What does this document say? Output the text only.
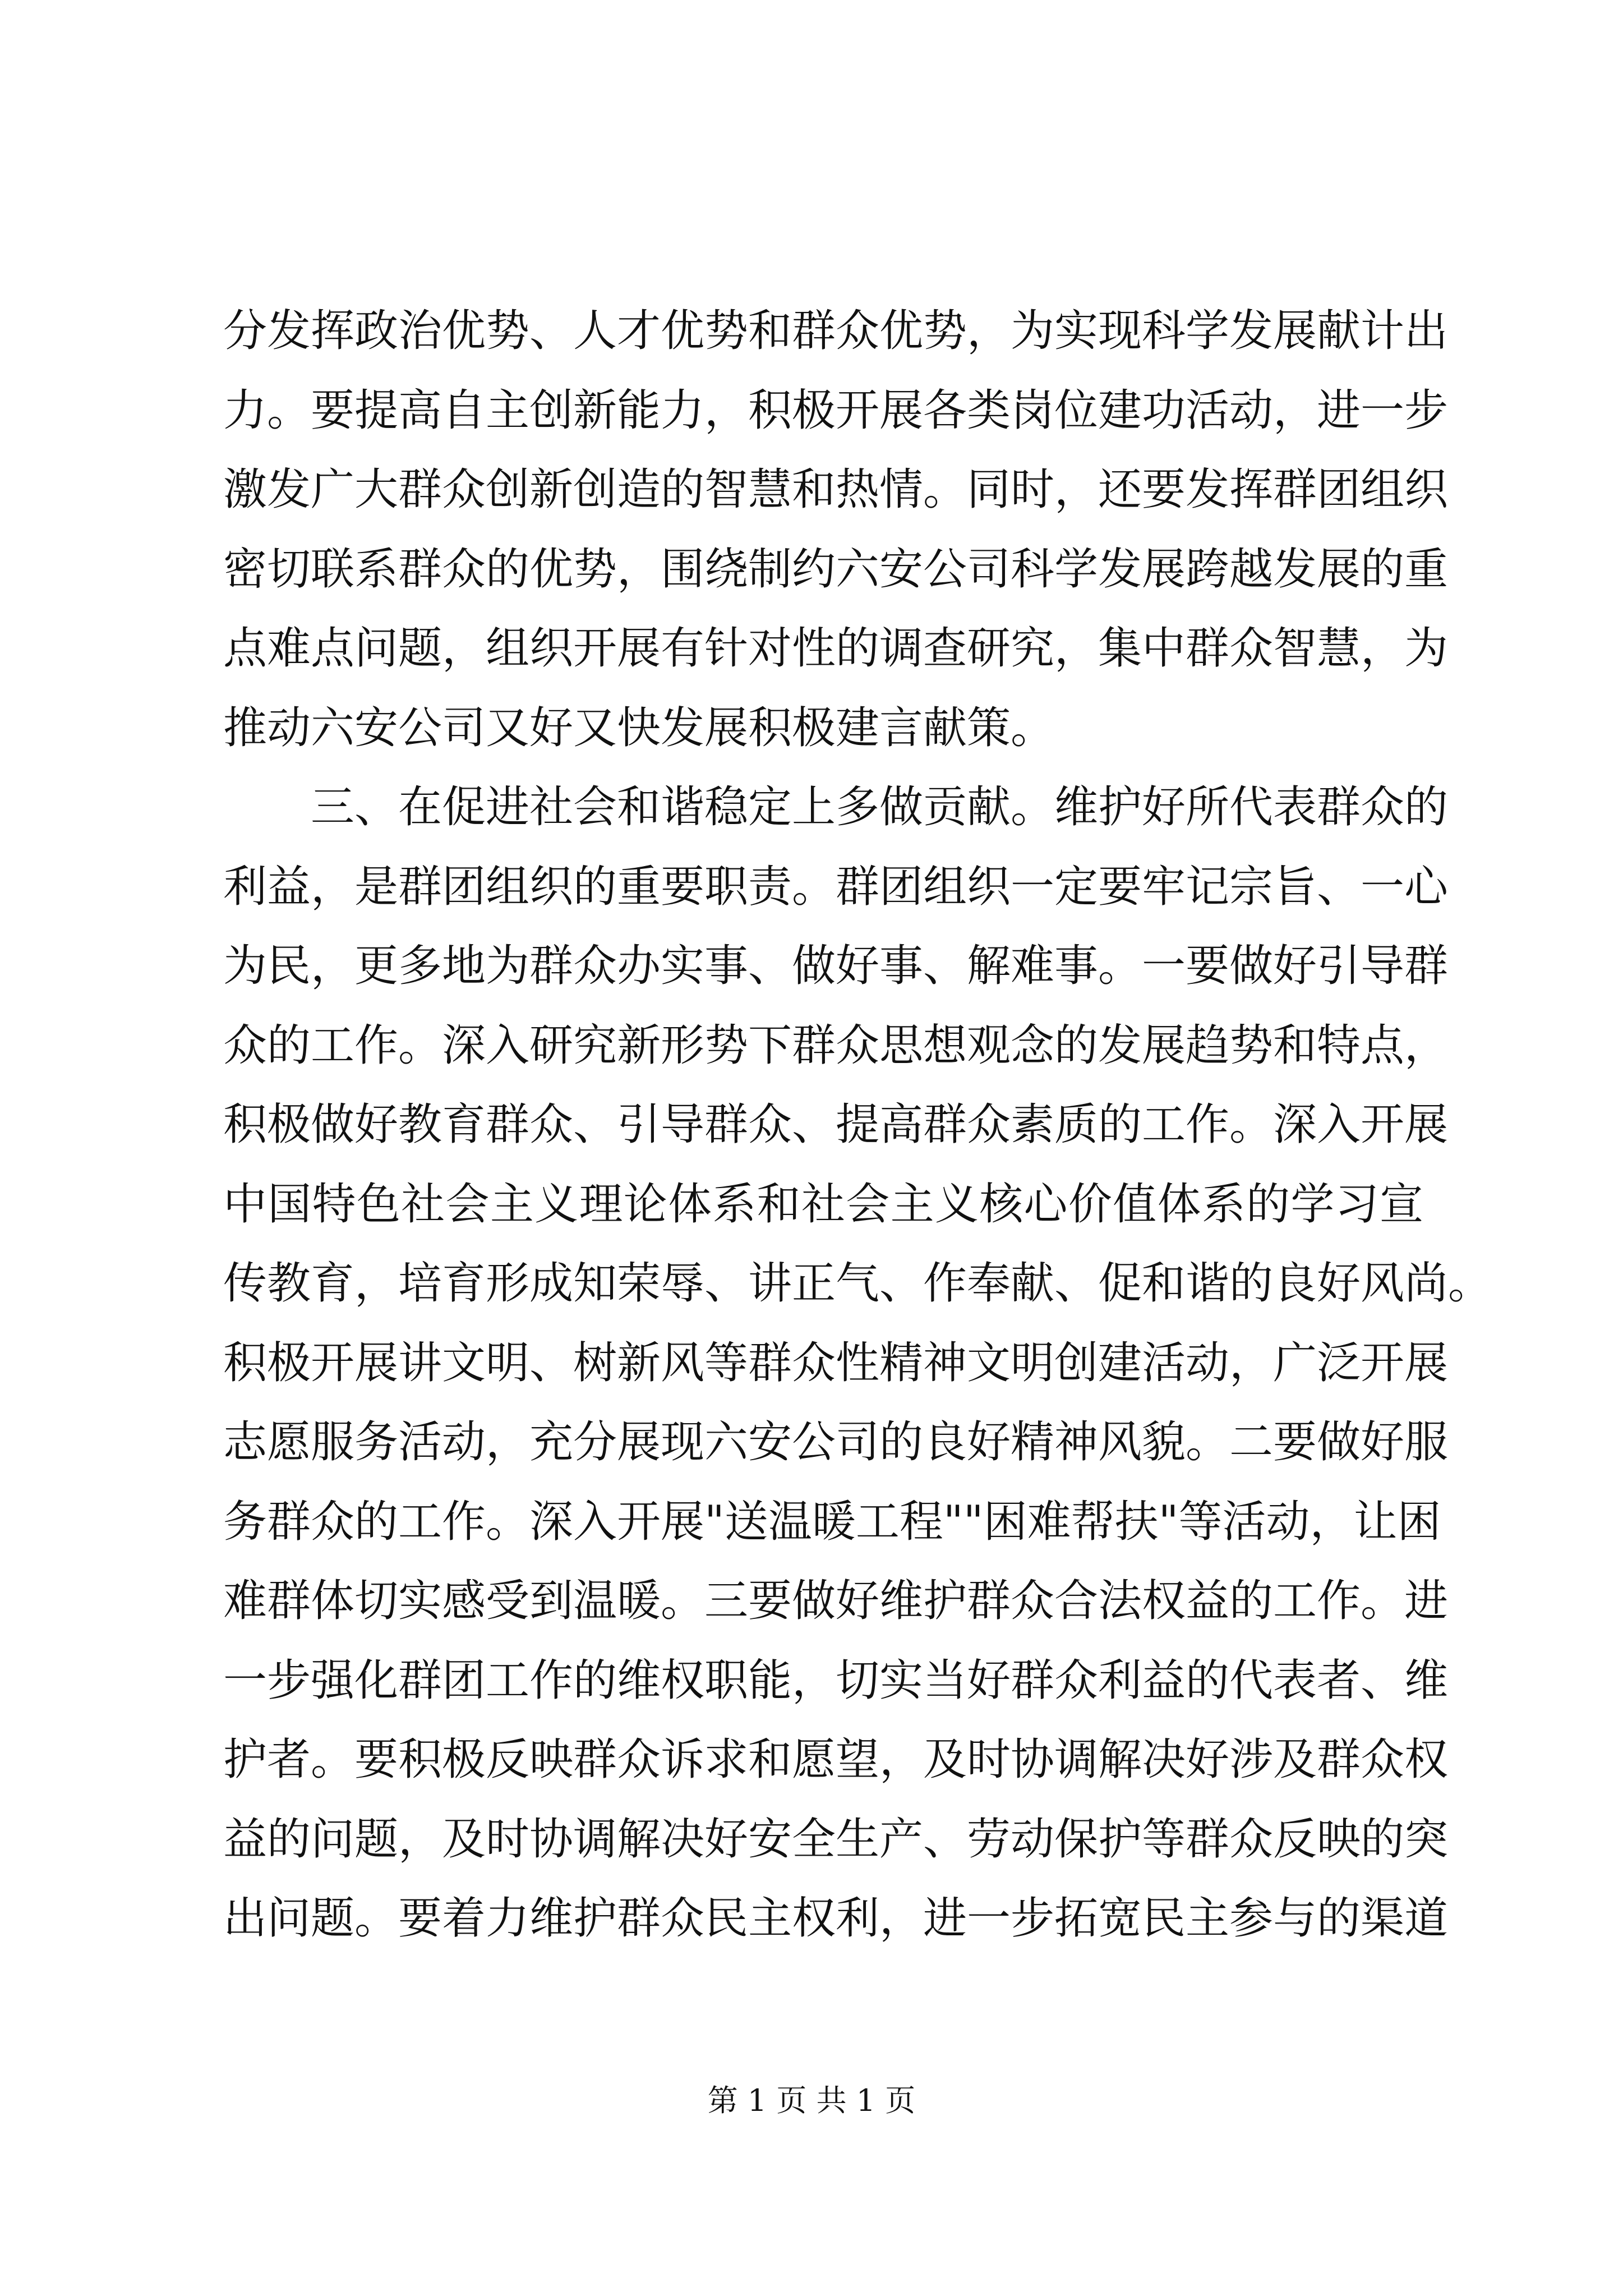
分发挥政治优势、人才优势和群众优势，为实现科学发展献计出
力。要提高自主创新能力，积极开展各类岗位建功活动，进一步
激发广大群众创新创造的智慧和热情。同时，还要发挥群团组织
密切联系群众的优势，围绕制约六安公司科学发展跨越发展的重
点难点问题，组织开展有针对性的调查研究，集中群众智慧，为
推动六安公司又好又快发展积极建言献策。
三、在促进社会和谐稳定上多做贡献。维护好所代表群众的
利益，是群团组织的重要职责。群团组织一定要牢记宗旨、一心
为民，更多地为群众办实事、做好事、解难事。一要做好引导群
众的工作。深入研究新形势下群众思想观念的发展趋势和特点，
积极做好教育群众、引导群众、提高群众素质的工作。深入开展
中国特色社会主义理论体系和社会主义核心价值体系的学习宣
传教育，培育形成知荣辱、讲正气、作奉献、促和谐的良好风尚。
积极开展讲文明、树新风等群众性精神文明创建活动，广泛开展
志愿服务活动，充分展现六安公司的良好精神风貌。二要做好服
务群众的工作。深入开展"送温暖工程""困难帮扶"等活动，让困
难群体切实感受到温暖。三要做好维护群众合法权益的工作。进
一步强化群团工作的维权职能，切实当好群众利益的代表者、维
护者。要积极反映群众诉求和愿望，及时协调解决好涉及群众权
益的问题，及时协调解决好安全生产、劳动保护等群众反映的突
出问题。要着力维护群众民主权利，进一步拓宽民主参与的渠道
第 1 页 共 1 页
